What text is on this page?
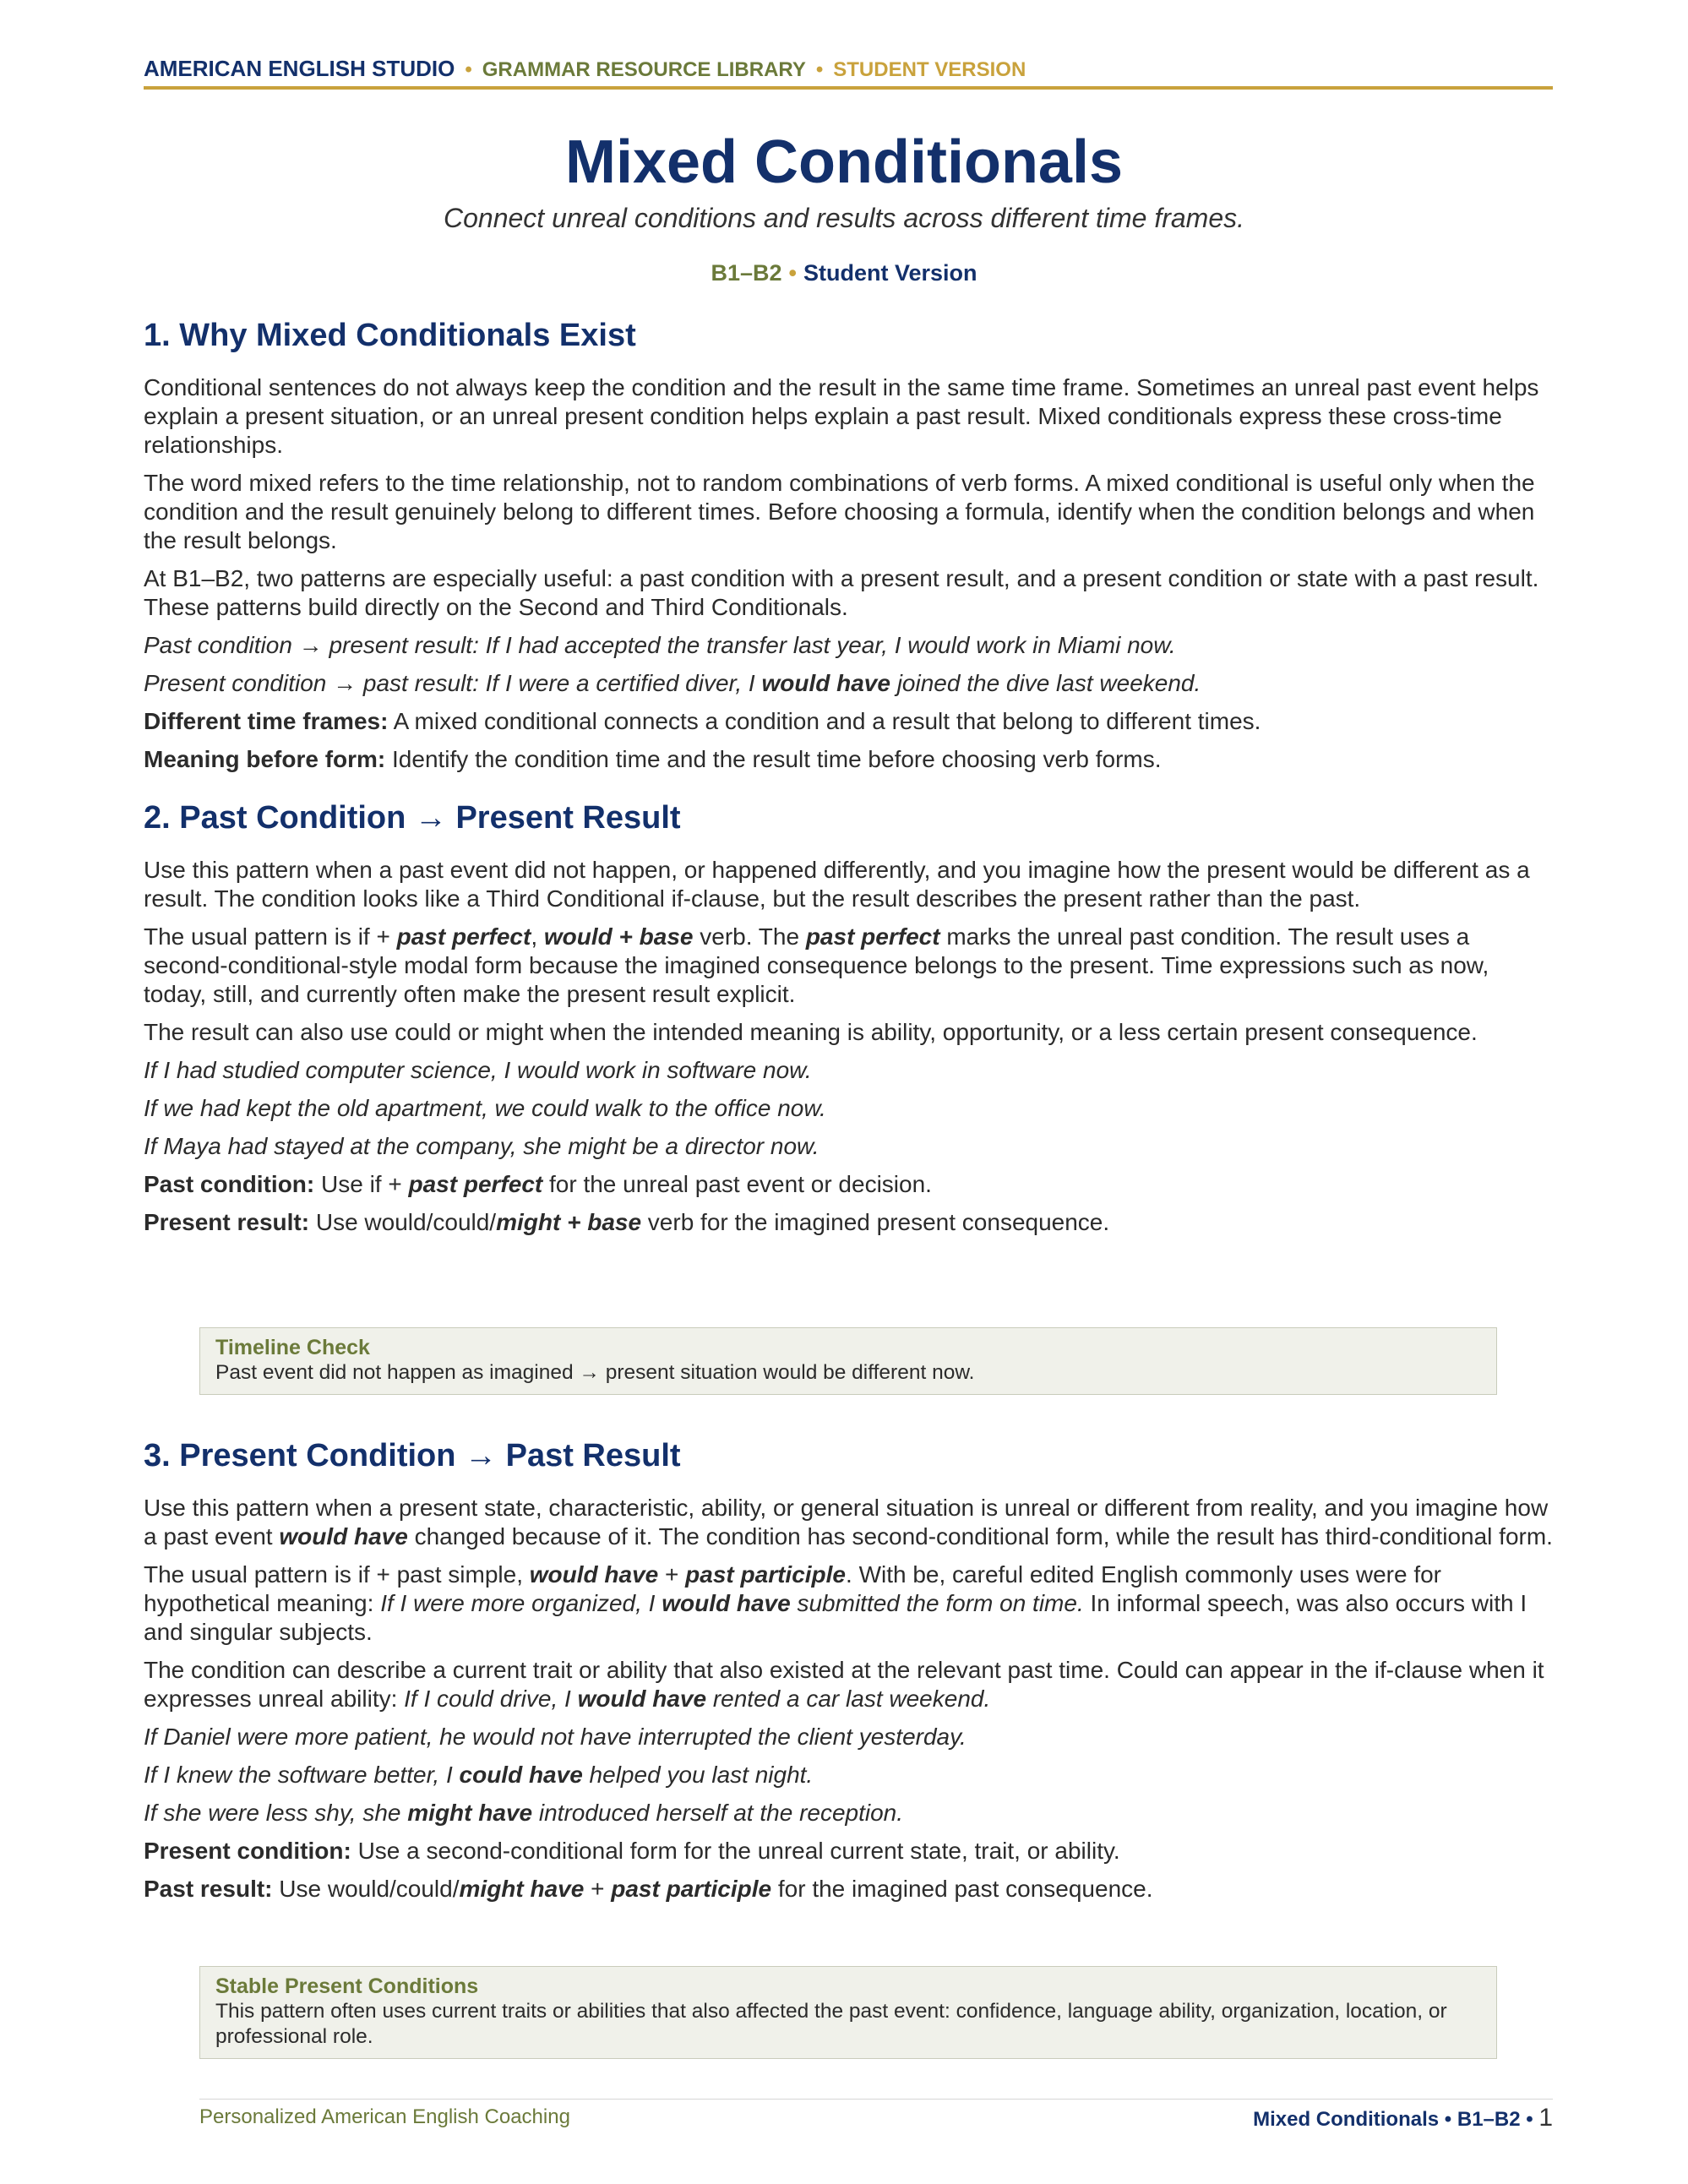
AMERICAN ENGLISH STUDIO • GRAMMAR RESOURCE LIBRARY • STUDENT VERSION
Mixed Conditionals
Connect unreal conditions and results across different time frames.
B1–B2 • Student Version
1. Why Mixed Conditionals Exist

Conditional sentences do not always keep the condition and the result in the same time frame. Sometimes an unreal past event helps explain a present situation, or an unreal present condition helps explain a past result. Mixed conditionals express these cross-time relationships.

The word mixed refers to the time relationship, not to random combinations of verb forms. A mixed conditional is useful only when the condition and the result genuinely belong to different times. Before choosing a formula, identify when the condition belongs and when the result belongs.

At B1–B2, two patterns are especially useful: a past condition with a present result, and a present condition or state with a past result. These patterns build directly on the Second and Third Conditionals.

Past condition → present result: If I had accepted the transfer last year, I would work in Miami now.

Present condition → past result: If I were a certified diver, I would have joined the dive last weekend.

Different time frames: A mixed conditional connects a condition and a result that belong to different times.

Meaning before form: Identify the condition time and the result time before choosing verb forms.

2. Past Condition → Present Result

Use this pattern when a past event did not happen, or happened differently, and you imagine how the present would be different as a result. The condition looks like a Third Conditional if-clause, but the result describes the present rather than the past.

The usual pattern is if + past perfect, would + base verb. The past perfect marks the unreal past condition. The result uses a second-conditional-style modal form because the imagined consequence belongs to the present. Time expressions such as now, today, still, and currently often make the present result explicit.

The result can also use could or might when the intended meaning is ability, opportunity, or a less certain present consequence.

If I had studied computer science, I would work in software now.

If we had kept the old apartment, we could walk to the office now.

If Maya had stayed at the company, she might be a director now.

Past condition: Use if + past perfect for the unreal past event or decision.

Present result: Use would/could/might + base verb for the imagined present consequence.

Timeline Check
Past event did not happen as imagined → present situation would be different now.
3. Present Condition → Past Result

Use this pattern when a present state, characteristic, ability, or general situation is unreal or different from reality, and you imagine how a past event would have changed because of it. The condition has second-conditional form, while the result has third-conditional form.

The usual pattern is if + past simple, would have + past participle. With be, careful edited English commonly uses were for hypothetical meaning: If I were more organized, I would have submitted the form on time. In informal speech, was also occurs with I and singular subjects.

The condition can describe a current trait or ability that also existed at the relevant past time. Could can appear in the if-clause when it expresses unreal ability: If I could drive, I would have rented a car last weekend.

If Daniel were more patient, he would not have interrupted the client yesterday.

If I knew the software better, I could have helped you last night.

If she were less shy, she might have introduced herself at the reception.

Present condition: Use a second-conditional form for the unreal current state, trait, or ability.

Past result: Use would/could/might have + past participle for the imagined past consequence.

Stable Present Conditions
This pattern often uses current traits or abilities that also affected the past event: confidence, language ability, organization, location, or professional role.
Personalized American English Coaching	Mixed Conditionals • B1–B2 • 1
